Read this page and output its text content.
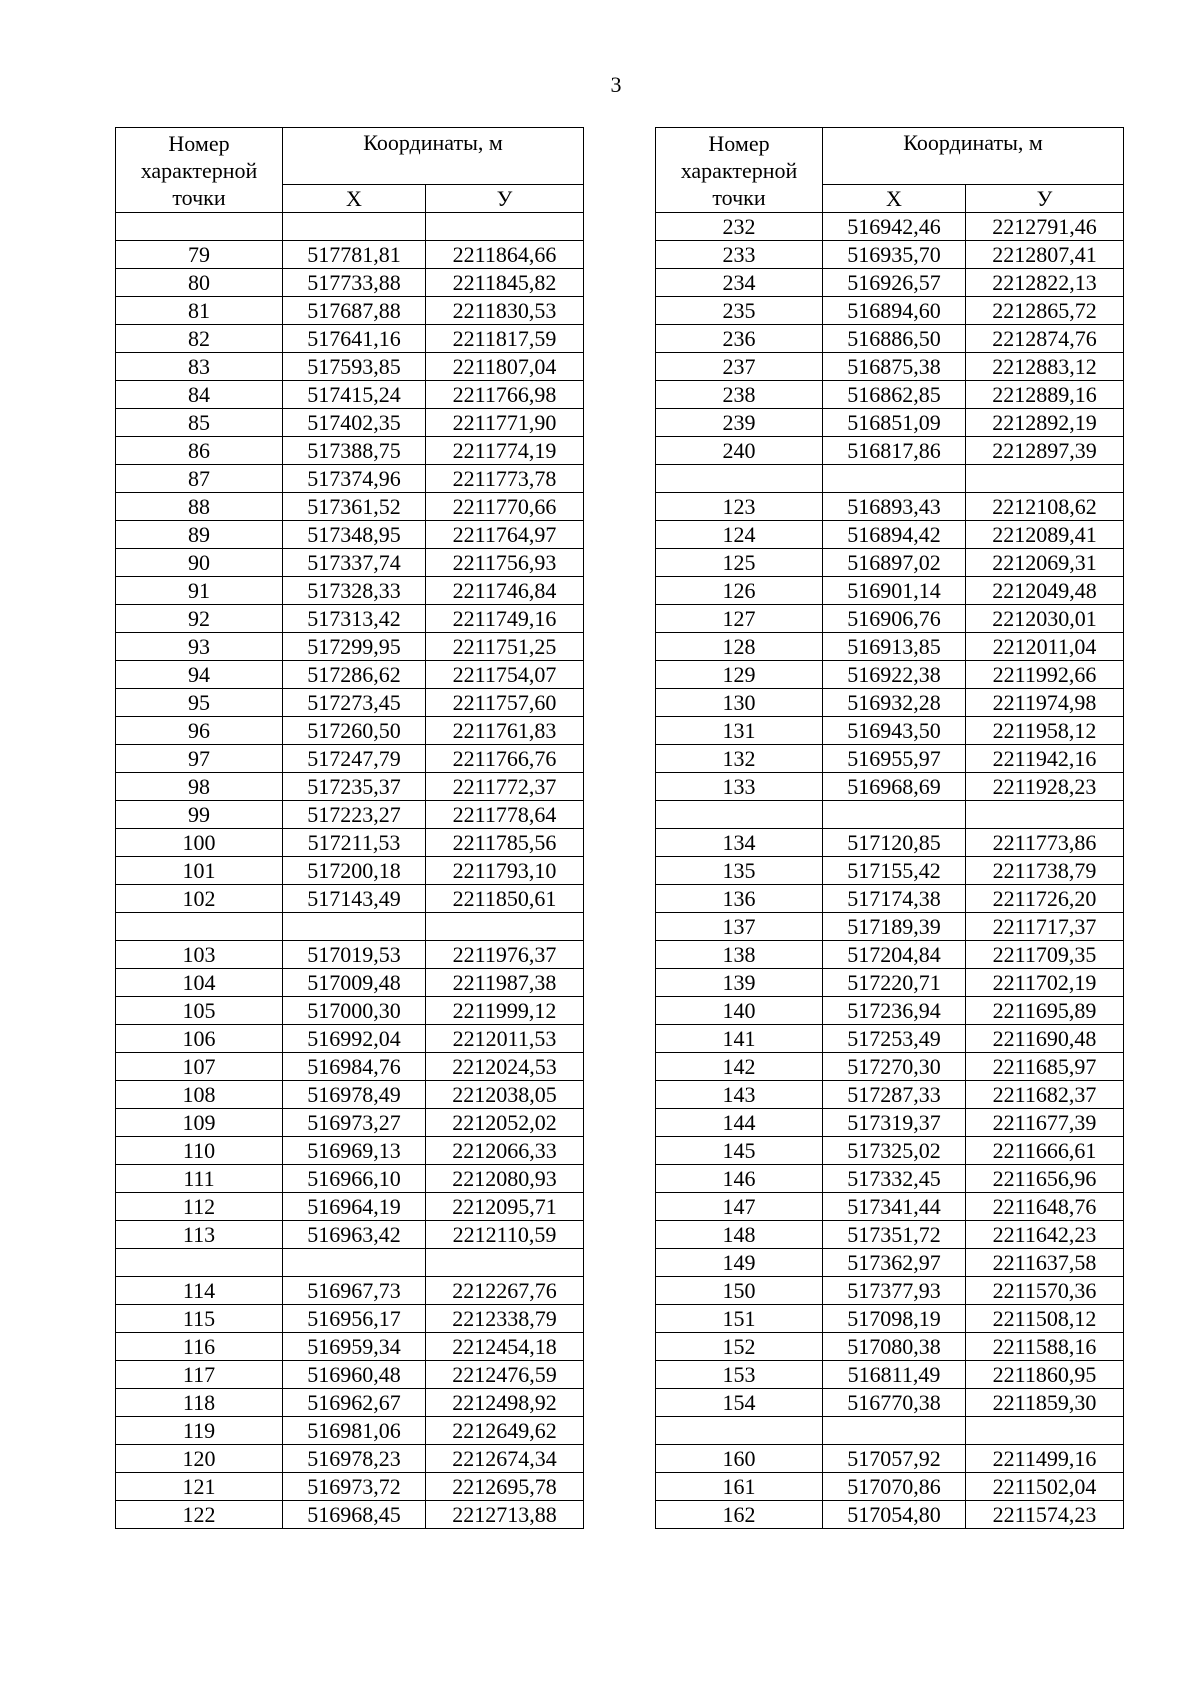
3
Номер
характерной
точки	Координаты, м	
	Х	У

79	517781,81	2211864,66
80	517733,88	2211845,82
81	517687,88	2211830,53
82	517641,16	2211817,59
83	517593,85	2211807,04
84	517415,24	2211766,98
85	517402,35	2211771,90
86	517388,75	2211774,19
87	517374,96	2211773,78
88	517361,52	2211770,66
89	517348,95	2211764,97
90	517337,74	2211756,93
91	517328,33	2211746,84
92	517313,42	2211749,16
93	517299,95	2211751,25
94	517286,62	2211754,07
95	517273,45	2211757,60
96	517260,50	2211761,83
97	517247,79	2211766,76
98	517235,37	2211772,37
99	517223,27	2211778,64
100	517211,53	2211785,56
101	517200,18	2211793,10
102	517143,49	2211850,61

103	517019,53	2211976,37
104	517009,48	2211987,38
105	517000,30	2211999,12
106	516992,04	2212011,53
107	516984,76	2212024,53
108	516978,49	2212038,05
109	516973,27	2212052,02
110	516969,13	2212066,33
111	516966,10	2212080,93
112	516964,19	2212095,71
113	516963,42	2212110,59

114	516967,73	2212267,76
115	516956,17	2212338,79
116	516959,34	2212454,18
117	516960,48	2212476,59
118	516962,67	2212498,92
119	516981,06	2212649,62
120	516978,23	2212674,34
121	516973,72	2212695,78
122	516968,45	2212713,88
Номер
характерной
точки	Координаты, м	
	Х	У
232	516942,46	2212791,46
233	516935,70	2212807,41
234	516926,57	2212822,13
235	516894,60	2212865,72
236	516886,50	2212874,76
237	516875,38	2212883,12
238	516862,85	2212889,16
239	516851,09	2212892,19
240	516817,86	2212897,39

123	516893,43	2212108,62
124	516894,42	2212089,41
125	516897,02	2212069,31
126	516901,14	2212049,48
127	516906,76	2212030,01
128	516913,85	2212011,04
129	516922,38	2211992,66
130	516932,28	2211974,98
131	516943,50	2211958,12
132	516955,97	2211942,16
133	516968,69	2211928,23

134	517120,85	2211773,86
135	517155,42	2211738,79
136	517174,38	2211726,20
137	517189,39	2211717,37
138	517204,84	2211709,35
139	517220,71	2211702,19
140	517236,94	2211695,89
141	517253,49	2211690,48
142	517270,30	2211685,97
143	517287,33	2211682,37
144	517319,37	2211677,39
145	517325,02	2211666,61
146	517332,45	2211656,96
147	517341,44	2211648,76
148	517351,72	2211642,23
149	517362,97	2211637,58
150	517377,93	2211570,36
151	517098,19	2211508,12
152	517080,38	2211588,16
153	516811,49	2211860,95
154	516770,38	2211859,30

160	517057,92	2211499,16
161	517070,86	2211502,04
162	517054,80	2211574,23
